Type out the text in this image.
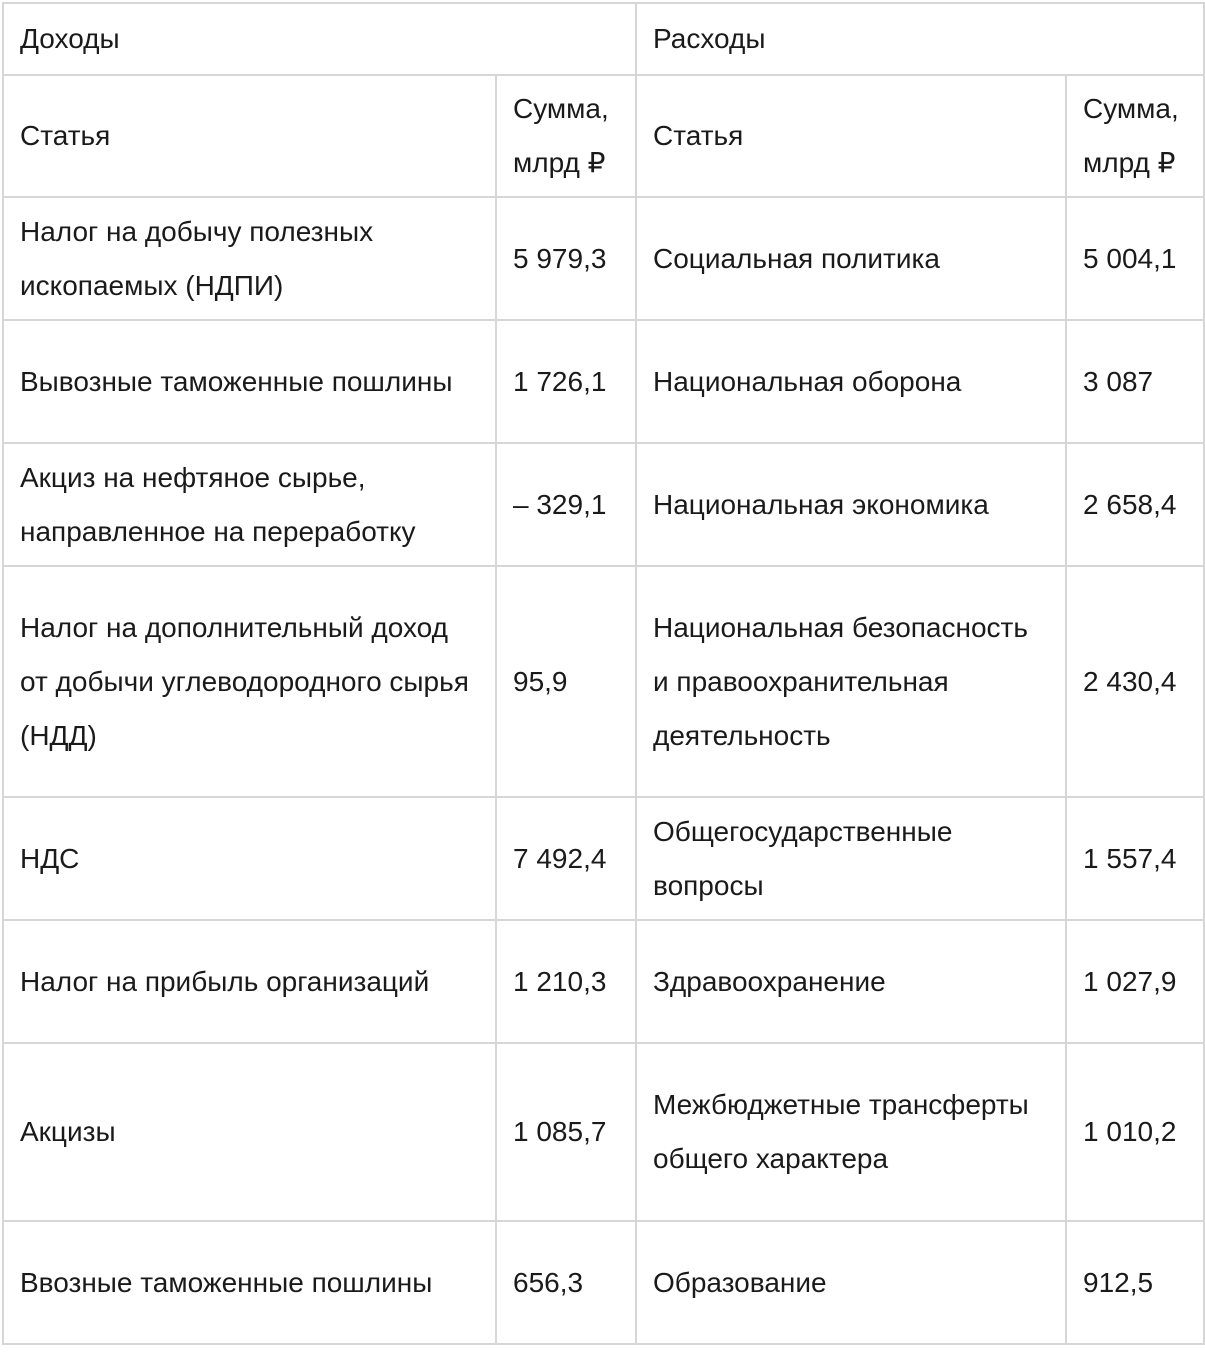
Доходы		Расходы	
Статья	Сумма, млрд ₽	Статья	Сумма, млрд ₽
Налог на добычу полезных ископаемых (НДПИ)	5 979,3	Социальная политика	5 004,1
Вывозные таможенные пошлины	1 726,1	Национальная оборона	3 087
Акциз на нефтяное сырье, направленное на переработку	– 329,1	Национальная экономика	2 658,4
Налог на дополнительный доход от добычи углеводородного сырья (НДД)	95,9	Национальная безопасность и правоохранительная деятельность	2 430,4
НДС	7 492,4	Общегосударственные вопросы	1 557,4
Налог на прибыль организаций	1 210,3	Здравоохранение	1 027,9
Акцизы	1 085,7	Межбюджетные трансферты общего характера	1 010,2
Ввозные таможенные пошлины	656,3	Образование	912,5
